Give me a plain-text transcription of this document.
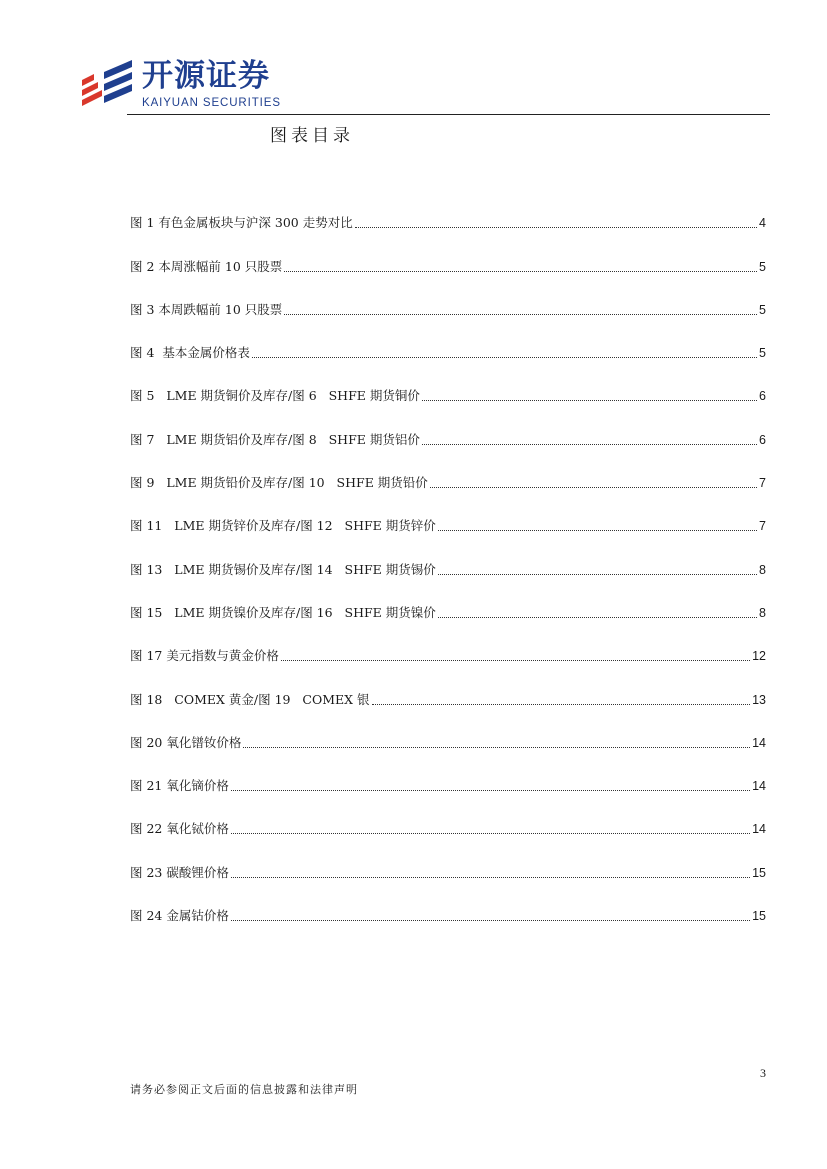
开源证券
KAIYUAN SECURITIES
图表目录
图 1 有色金属板块与沪深 300 走势对比	4
图 2 本周涨幅前 10 只股票	5
图 3 本周跌幅前 10 只股票	5
图 4  基本金属价格表	5
图 5   LME 期货铜价及库存/图 6   SHFE 期货铜价	6
图 7   LME 期货铝价及库存/图 8   SHFE 期货铝价	6
图 9   LME 期货铅价及库存/图 10   SHFE 期货铅价	7
图 11   LME 期货锌价及库存/图 12   SHFE 期货锌价	7
图 13   LME 期货锡价及库存/图 14   SHFE 期货锡价	8
图 15   LME 期货镍价及库存/图 16   SHFE 期货镍价	8
图 17 美元指数与黄金价格	12
图 18   COMEX 黄金/图 19   COMEX 银	13
图 20 氧化镨钕价格	14
图 21 氧化镝价格	14
图 22 氧化铽价格	14
图 23 碳酸锂价格	15
图 24 金属钴价格	15
3
请务必参阅正文后面的信息披露和法律声明
